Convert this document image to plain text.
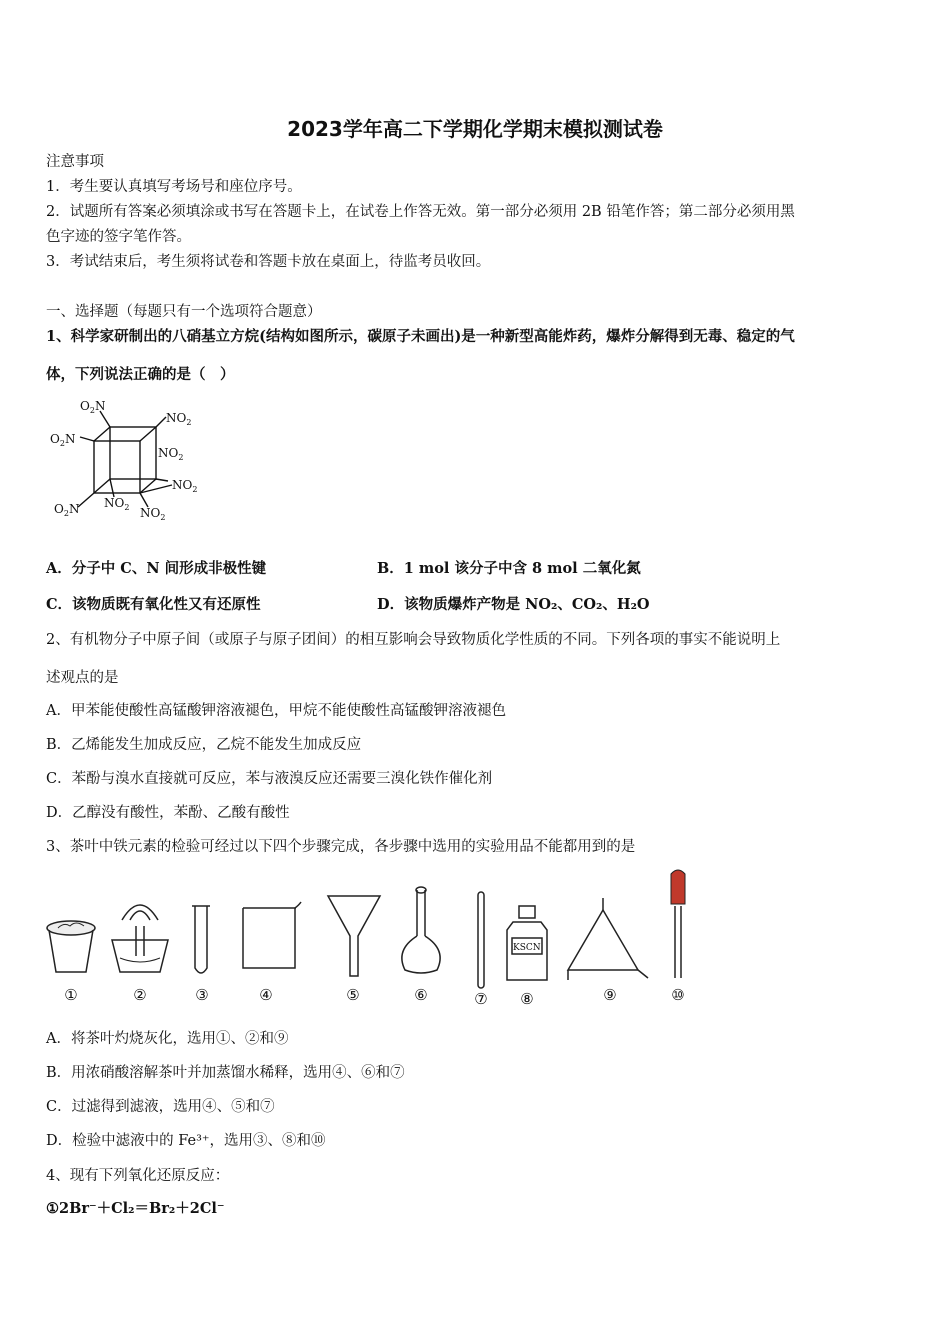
2023学年高二下学期化学期末模拟测试卷
注意事项
1．考生要认真填写考场号和座位序号。
2．试题所有答案必须填涂或书写在答题卡上，在试卷上作答无效。第一部分必须用 2B 铅笔作答；第二部分必须用黑
色字迹的签字笔作答。
3．考试结束后，考生须将试卷和答题卡放在桌面上，待监考员收回。
一、选择题（每题只有一个选项符合题意）
1、科学家研制出的八硝基立方烷(结构如图所示，碳原子未画出)是一种新型高能炸药，爆炸分解得到无毒、稳定的气
体，下列说法正确的是（　）
$O_2N$
$NO_2$
$O_2N$
$NO_2$
$NO_2$
$NO_2$
$O_2N$	$NO_2$
A．分子中 C、N 间形成非极性键	B．1 mol 该分子中含 8 mol 二氧化氮
C．该物质既有氧化性又有还原性	D．该物质爆炸产物是 NO₂、CO₂、H₂O
2、有机物分子中原子间（或原子与原子团间）的相互影响会导致物质化学性质的不同。下列各项的事实不能说明上
述观点的是
A．甲苯能使酸性高锰酸钾溶液褪色，甲烷不能使酸性高锰酸钾溶液褪色
B．乙烯能发生加成反应，乙烷不能发生加成反应
C．苯酚与溴水直接就可反应，苯与液溴反应还需要三溴化铁作催化剂
D．乙醇没有酸性，苯酚、乙酸有酸性
3、茶叶中铁元素的检验可经过以下四个步骤完成，各步骤中选用的实验用品不能都用到的是
KSCN
①	②	③	④	⑤	⑥	⑦ ⑧	⑨	⑩
A．将茶叶灼烧灰化，选用①、②和⑨
B．用浓硝酸溶解茶叶并加蒸馏水稀释，选用④、⑥和⑦
C．过滤得到滤液，选用④、⑤和⑦
D．检验中滤液中的 Fe³⁺，选用③、⑧和⑩
4、现有下列氧化还原反应：
①2Br⁻＋Cl₂＝Br₂＋2Cl⁻
